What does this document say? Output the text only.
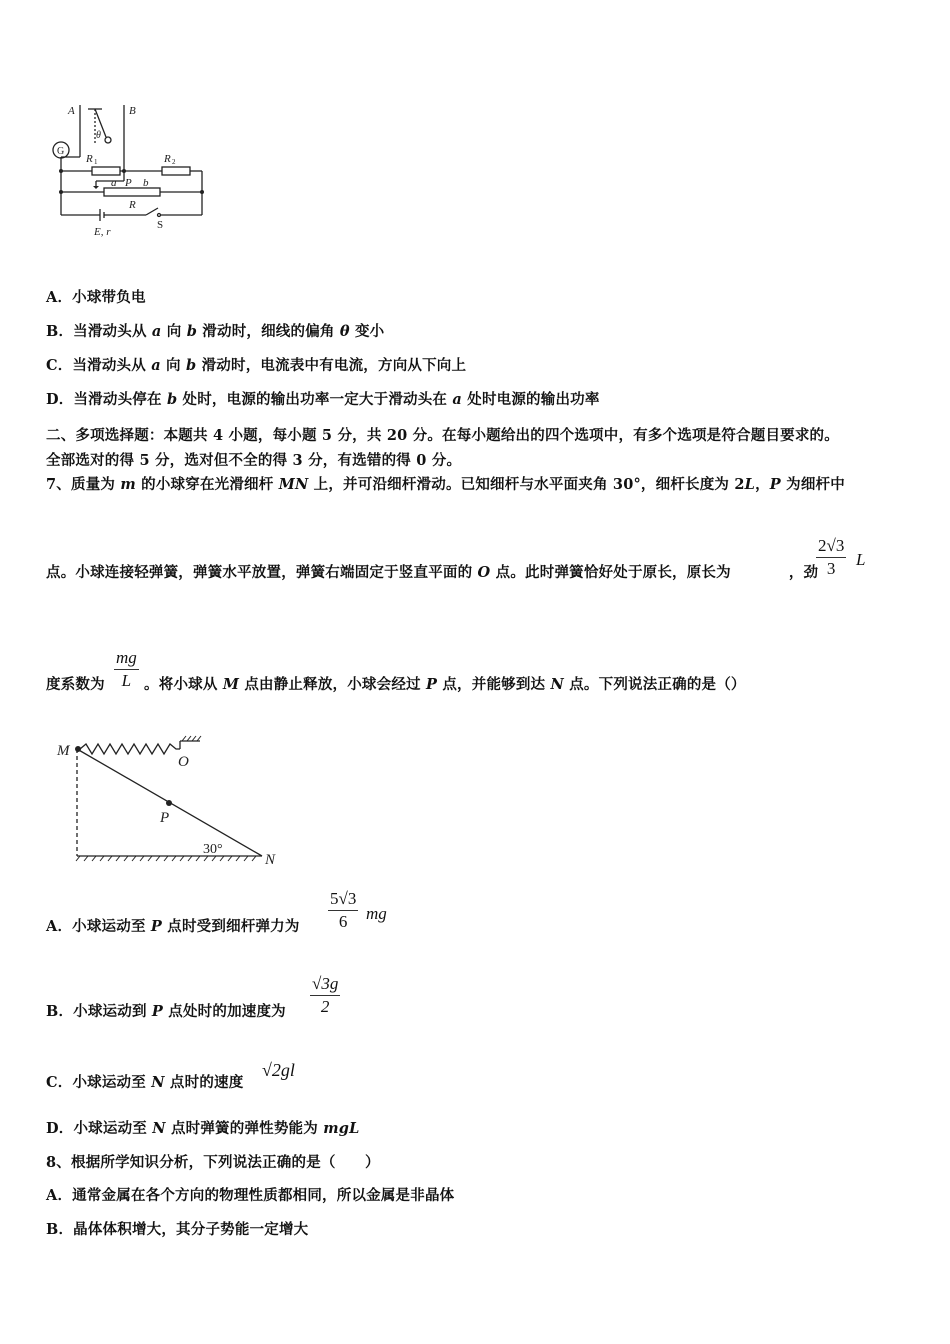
A	B
θ
G
R 1	R 2
a P b
R
S
E, r
A．小球带负电
B．当滑动头从 a 向 b 滑动时，细线的偏角 θ 变小
C．当滑动头从 a 向 b 滑动时，电流表中有电流，方向从下向上
D．当滑动头停在 b 处时，电源的输出功率一定大于滑动头在 a 处时电源的输出功率
二、多项选择题：本题共 4 小题，每小题 5 分，共 20 分。在每小题给出的四个选项中，有多个选项是符合题目要求的。
全部选对的得 5 分，选对但不全的得 3 分，有选错的得 0 分。
7、质量为 m 的小球穿在光滑细杆 MN 上，并可沿细杆滑动。已知细杆与水平面夹角 30°，细杆长度为 2L，P 为细杆中
点。小球连接轻弹簧，弹簧水平放置，弹簧右端固定于竖直平面的 O 点。此时弹簧恰好处于原长，原长为	，劲
2√3
3	L
度系数为 。将小球从 M 点由静止释放，小球会经过 P 点，并能够到达 N 点。下列说法正确的是（）
mg
L
M
O
P
N
30°
A．小球运动至 P 点时受到细杆弹力为
5√3
6	mg
B．小球运动到 P 点处时的加速度为
√3g
2
C．小球运动至 N 点时的速度
√2gl
D．小球运动至 N 点时弹簧的弹性势能为 mgL
8、根据所学知识分析，下列说法正确的是（　　）
A．通常金属在各个方向的物理性质都相同，所以金属是非晶体
B．晶体体积增大，其分子势能一定增大
